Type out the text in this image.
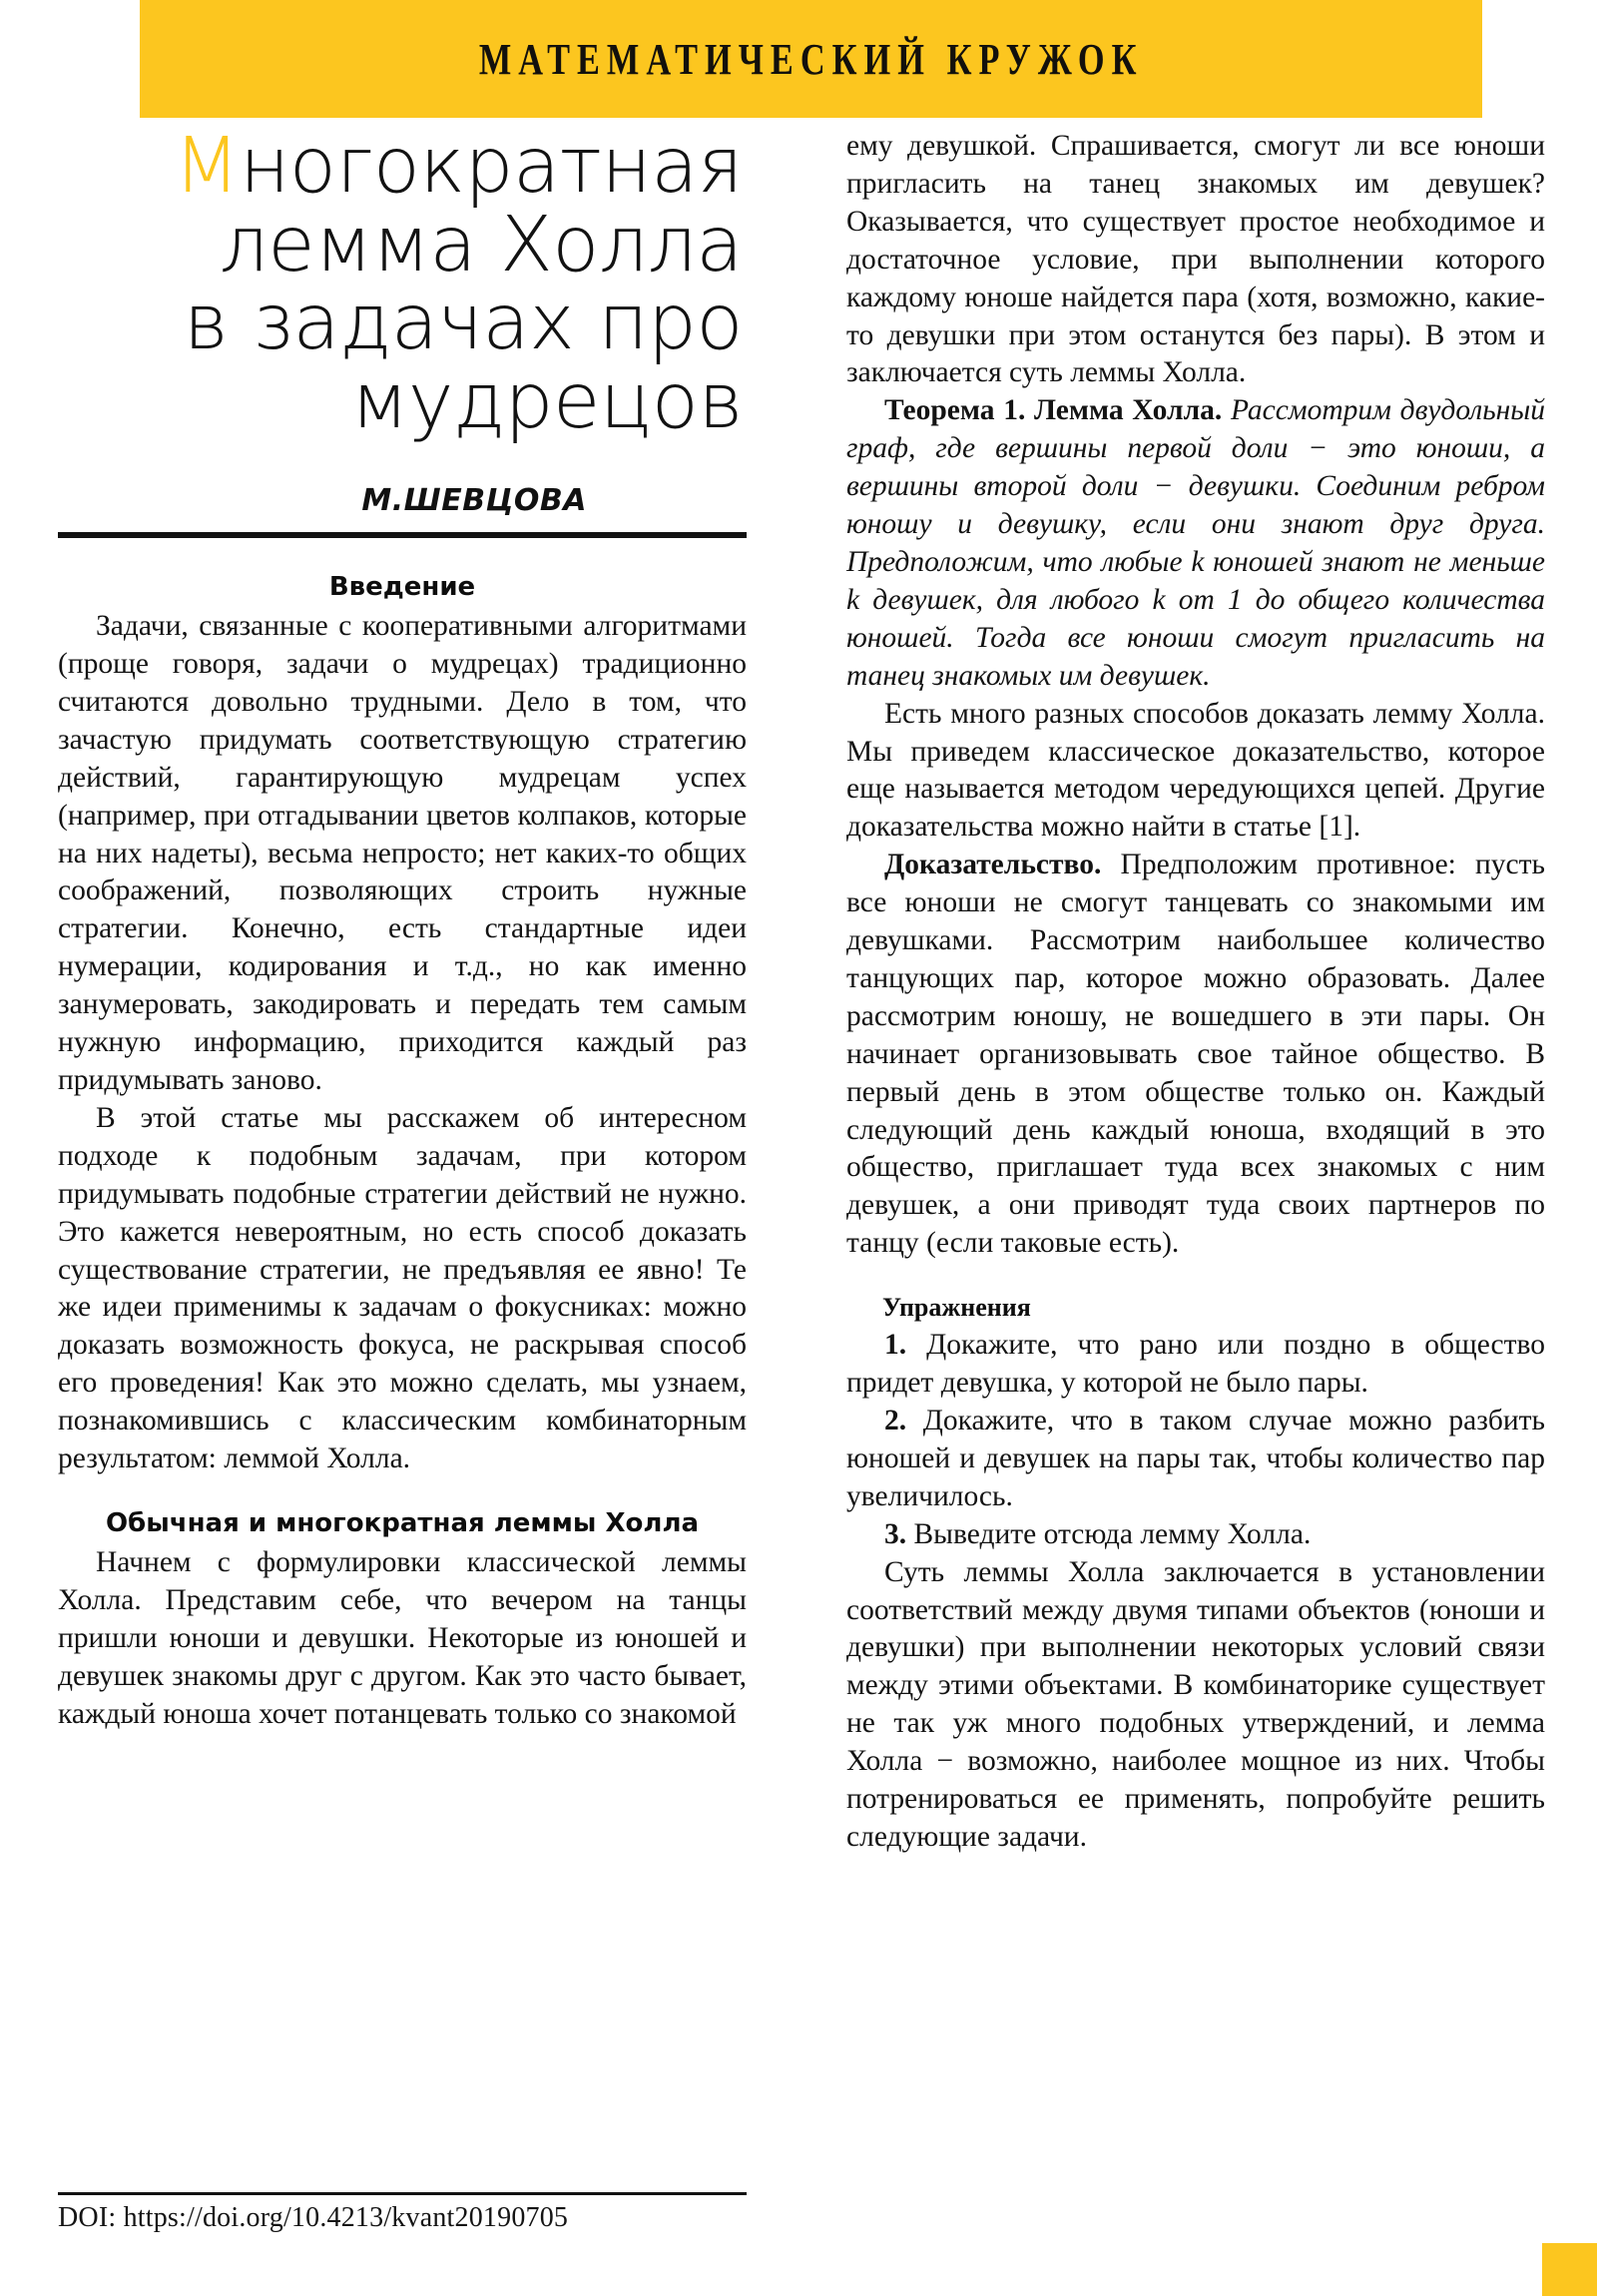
МАТЕМАТИЧЕСКИЙ КРУЖОК
Многократная
лемма Холла
в задачах про
мудрецов
М.ШЕВЦОВА
Введение

Задачи, связанные с кооперативными алгоритмами (проще говоря, задачи о мудрецах) традиционно считаются довольно трудными. Дело в том, что зачастую придумать соответствующую стратегию действий, гарантирующую мудрецам успех (например, при отгадывании цветов колпаков, которые на них надеты), весьма непросто; нет каких-то общих соображений, позволяющих строить нужные стратегии. Конечно, есть стандартные идеи нумерации, кодирования и т.д., но как именно занумеровать, закодировать и передать тем самым нужную информацию, приходится каждый раз придумывать заново.

В этой статье мы расскажем об интересном подходе к подобным задачам, при котором придумывать подобные стратегии действий не нужно. Это кажется невероятным, но есть способ доказать существование стратегии, не предъявляя ее явно! Те же идеи применимы к задачам о фокусниках: можно доказать возможность фокуса, не раскрывая способ его проведения! Как это можно сделать, мы узнаем, познакомившись с классическим комбинаторным результатом: леммой Холла.

Обычная и многократная леммы Холла

Начнем с формулировки классической леммы Холла. Представим себе, что вечером на танцы пришли юноши и девушки. Некоторые из юношей и девушек знакомы друг с другом. Как это часто бывает, каждый юноша хочет потанцевать только со знакомой

ему девушкой. Спрашивается, смогут ли все юноши пригласить на танец знакомых им девушек? Оказывается, что существует простое необходимое и достаточное условие, при выполнении которого каждому юноше найдется пара (хотя, возможно, какие-то девушки при этом останутся без пары). В этом и заключается суть леммы Холла.

Теорема 1. Лемма Холла. Рассмотрим двудольный граф, где вершины первой доли − это юноши, а вершины второй доли − девушки. Соединим ребром юношу и девушку, если они знают друг друга. Предположим, что любые k юношей знают не меньше k девушек, для любого k от 1 до общего количества юношей. Тогда все юноши смогут пригласить на танец знакомых им девушек.

Есть много разных способов доказать лемму Холла. Мы приведем классическое доказательство, которое еще называется методом чередующихся цепей. Другие доказательства можно найти в статье [1].

Доказательство. Предположим противное: пусть все юноши не смогут танцевать со знакомыми им девушками. Рассмотрим наибольшее количество танцующих пар, которое можно образовать. Далее рассмотрим юношу, не вошедшего в эти пары. Он начинает организовывать свое тайное общество. В первый день в этом обществе только он. Каждый следующий день каждый юноша, входящий в это общество, приглашает туда всех знакомых с ним девушек, а они приводят туда своих партнеров по танцу (если таковые есть).

Упражнения

1. Докажите, что рано или поздно в общество придет девушка, у которой не было пары.

2. Докажите, что в таком случае можно разбить юношей и девушек на пары так, чтобы количество пар увеличилось.

3. Выведите отсюда лемму Холла.

Суть леммы Холла заключается в установлении соответствий между двумя типами объектов (юноши и девушки) при выполнении некоторых условий связи между этими объектами. В комбинаторике существует не так уж много подобных утверждений, и лемма Холла − возможно, наиболее мощное из них. Чтобы потренироваться ее применять, попробуйте решить следующие задачи.

DOI: https://doi.org/10.4213/kvant20190705
